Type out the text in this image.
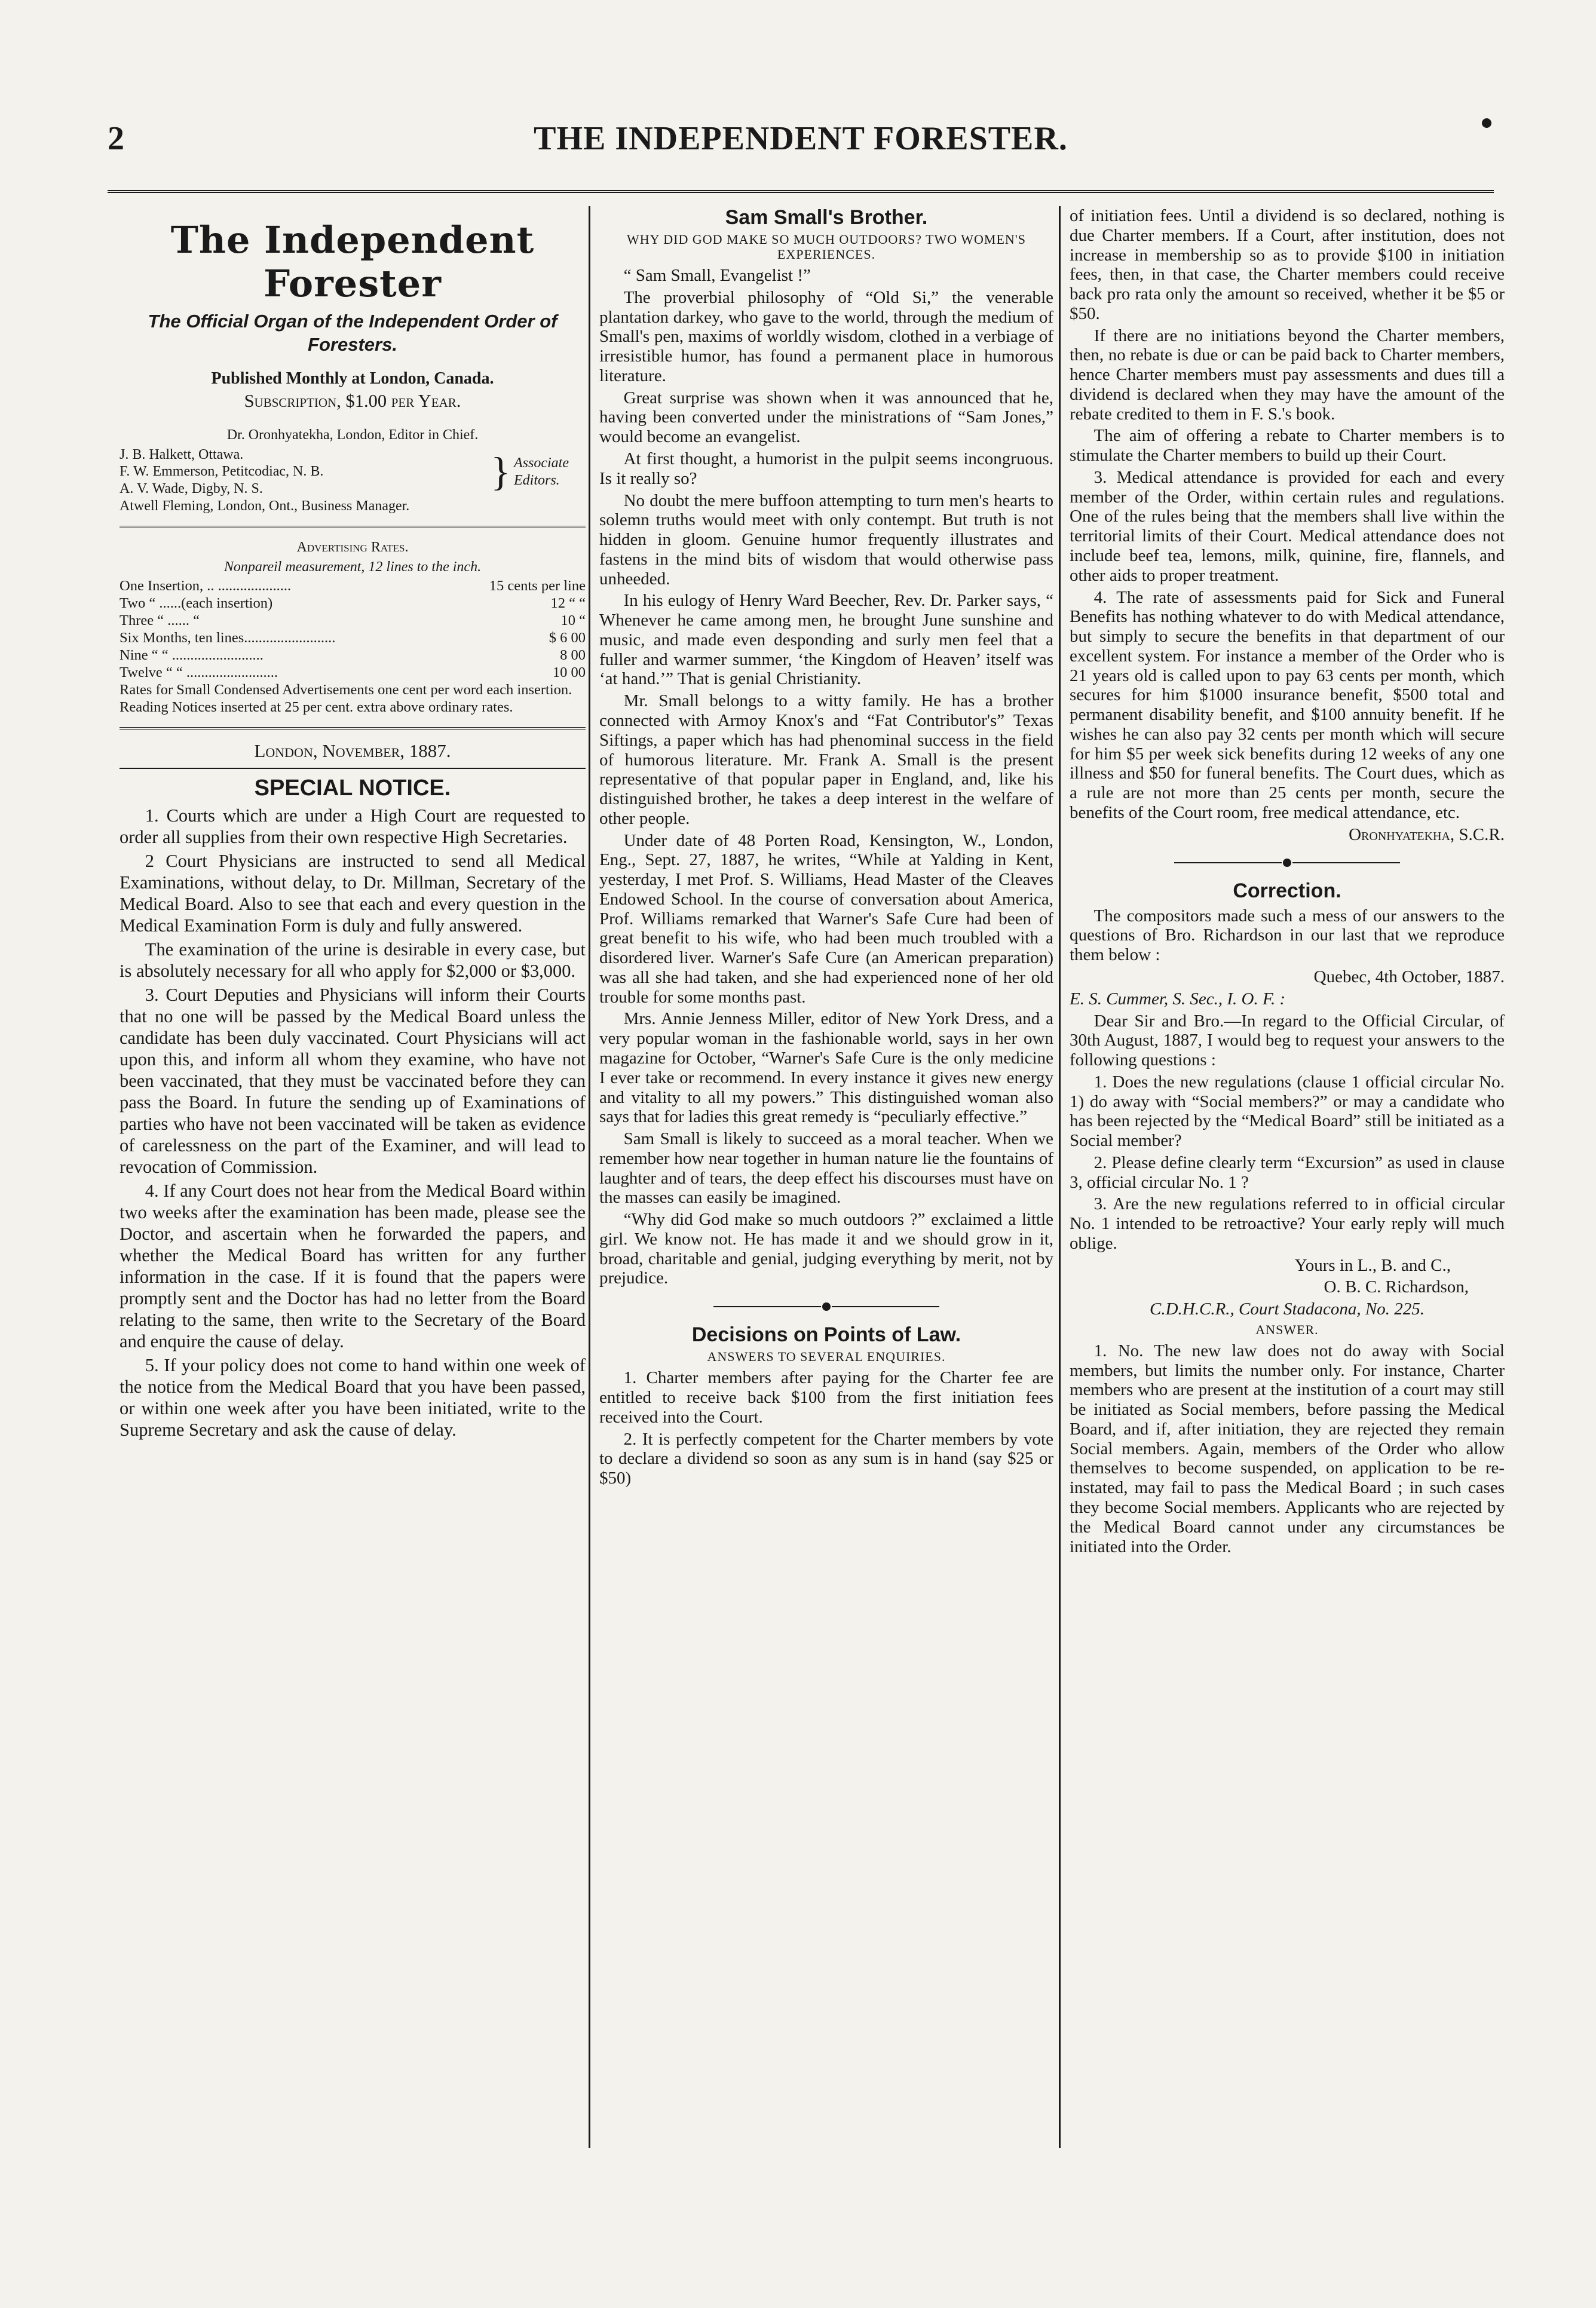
2	THE INDEPENDENT FORESTER.
The Independent Forester
The Official Organ of the Independent Order of Foresters.

Published Monthly at London, Canada.

Subscription, $1.00 per Year.

Dr. Oronhyatekha, London, Editor in Chief.

J. B. Halkett, Ottawa.
F. W. Emmerson, Petitcodiac, N. B.
A. V. Wade, Digby, N. S.	} Associate Editors.

Atwell Fleming, London, Ont., Business Manager.

Advertising Rates.

Nonpareil measurement, 12 lines to the inch.

One Insertion, .. ....................	15 cents per line
Two “ ......(each insertion)	12 “ “
Three “ ...... “	10 “
Six Months, ten lines.........................	$ 6 00
Nine “ “ .........................	8 00
Twelve “ “ .........................	10 00
Rates for Small Condensed Advertisements one cent per word each insertion.
Reading Notices inserted at 25 per cent. extra above ordinary rates.

London, November, 1887.

SPECIAL NOTICE.

1. Courts which are under a High Court are requested to order all supplies from their own respective High Secretaries.

2 Court Physicians are instructed to send all Medical Examinations, without delay, to Dr. Millman, Secretary of the Medical Board. Also to see that each and every question in the Medical Examination Form is duly and fully answered.

The examination of the urine is desirable in every case, but is absolutely necessary for all who apply for $2,000 or $3,000.

3. Court Deputies and Physicians will inform their Courts that no one will be passed by the Medical Board unless the candidate has been duly vaccinated. Court Physicians will act upon this, and inform all whom they examine, who have not been vaccinated, that they must be vaccinated before they can pass the Board. In future the sending up of Examinations of parties who have not been vaccinated will be taken as evidence of carelessness on the part of the Examiner, and will lead to revocation of Commission.

4. If any Court does not hear from the Medical Board within two weeks after the examination has been made, please see the Doctor, and ascertain when he forwarded the papers, and whether the Medical Board has written for any further information in the case. If it is found that the papers were promptly sent and the Doctor has had no letter from the Board relating to the same, then write to the Secretary of the Board and enquire the cause of delay.

5. If your policy does not come to hand within one week of the notice from the Medical Board that you have been passed, or within one week after you have been initiated, write to the Supreme Secretary and ask the cause of delay.

Sam Small's Brother.
WHY DID GOD MAKE SO MUCH OUTDOORS? TWO WOMEN'S EXPERIENCES.

“ Sam Small, Evangelist !”

The proverbial philosophy of “Old Si,” the venerable plantation darkey, who gave to the world, through the medium of Small's pen, maxims of worldly wisdom, clothed in a verbiage of irresistible humor, has found a permanent place in humorous literature.

Great surprise was shown when it was announced that he, having been converted under the ministrations of “Sam Jones,” would become an evangelist.

At first thought, a humorist in the pulpit seems incongruous. Is it really so?

No doubt the mere buffoon attempting to turn men's hearts to solemn truths would meet with only contempt. But truth is not hidden in gloom. Genuine humor frequently illustrates and fastens in the mind bits of wisdom that would otherwise pass unheeded.

In his eulogy of Henry Ward Beecher, Rev. Dr. Parker says, “ Whenever he came among men, he brought June sunshine and music, and made even desponding and surly men feel that a fuller and warmer summer, ‘the Kingdom of Heaven’ itself was ‘at hand.’” That is genial Christianity.

Mr. Small belongs to a witty family. He has a brother connected with Armoy Knox's and “Fat Contributor's” Texas Siftings, a paper which has had phenominal success in the field of humorous literature. Mr. Frank A. Small is the present representative of that popular paper in England, and, like his distinguished brother, he takes a deep interest in the welfare of other people.

Under date of 48 Porten Road, Kensington, W., London, Eng., Sept. 27, 1887, he writes, “While at Yalding in Kent, yesterday, I met Prof. S. Williams, Head Master of the Cleaves Endowed School. In the course of conversation about America, Prof. Williams remarked that Warner's Safe Cure had been of great benefit to his wife, who had been much troubled with a disordered liver. Warner's Safe Cure (an American preparation) was all she had taken, and she had experienced none of her old trouble for some months past.

Mrs. Annie Jenness Miller, editor of New York Dress, and a very popular woman in the fashionable world, says in her own magazine for October, “Warner's Safe Cure is the only medicine I ever take or recommend. In every instance it gives new energy and vitality to all my powers.” This distinguished woman also says that for ladies this great remedy is “peculiarly effective.”

Sam Small is likely to succeed as a moral teacher. When we remember how near together in human nature lie the fountains of laughter and of tears, the deep effect his discourses must have on the masses can easily be imagined.

“Why did God make so much outdoors ?” exclaimed a little girl. We know not. He has made it and we should grow in it, broad, charitable and genial, judging everything by merit, not by prejudice.

Decisions on Points of Law.
ANSWERS TO SEVERAL ENQUIRIES.

1. Charter members after paying for the Charter fee are entitled to receive back $100 from the first initiation fees received into the Court.

2. It is perfectly competent for the Charter members by vote to declare a dividend so soon as any sum is in hand (say $25 or $50)

of initiation fees. Until a dividend is so declared, nothing is due Charter members. If a Court, after institution, does not increase in membership so as to provide $100 in initiation fees, then, in that case, the Charter members could receive back pro rata only the amount so received, whether it be $5 or $50.

If there are no initiations beyond the Charter members, then, no rebate is due or can be paid back to Charter members, hence Charter members must pay assessments and dues till a dividend is declared when they may have the amount of the rebate credited to them in F. S.'s book.

The aim of offering a rebate to Charter members is to stimulate the Charter members to build up their Court.

3. Medical attendance is provided for each and every member of the Order, within certain rules and regulations. One of the rules being that the members shall live within the territorial limits of their Court. Medical attendance does not include beef tea, lemons, milk, quinine, fire, flannels, and other aids to proper treatment.

4. The rate of assessments paid for Sick and Funeral Benefits has nothing whatever to do with Medical attendance, but simply to secure the benefits in that department of our excellent system. For instance a member of the Order who is 21 years old is called upon to pay 63 cents per month, which secures for him $1000 insurance benefit, $500 total and permanent disability benefit, and $100 annuity benefit. If he wishes he can also pay 32 cents per month which will secure for him $5 per week sick benefits during 12 weeks of any one illness and $50 for funeral benefits. The Court dues, which as a rule are not more than 25 cents per month, secure the benefits of the Court room, free medical attendance, etc.

Oronhyatekha, S.C.R.

Correction.

The compositors made such a mess of our answers to the questions of Bro. Richardson in our last that we reproduce them below :

Quebec, 4th October, 1887.

E. S. Cummer, S. Sec., I. O. F. :

Dear Sir and Bro.—In regard to the Official Circular, of 30th August, 1887, I would beg to request your answers to the following questions :

1. Does the new regulations (clause 1 official circular No. 1) do away with “Social members?” or may a candidate who has been rejected by the “Medical Board” still be initiated as a Social member?

2. Please define clearly term “Excursion” as used in clause 3, official circular No. 1 ?

3. Are the new regulations referred to in official circular No. 1 intended to be retroactive? Your early reply will much oblige.

Yours in L., B. and C.,

O. B. C. Richardson,

C.D.H.C.R., Court Stadacona, No. 225.

ANSWER.

1. No. The new law does not do away with Social members, but limits the number only. For instance, Charter members who are present at the institution of a court may still be initiated as Social members, before passing the Medical Board, and if, after initiation, they are rejected they remain Social members. Again, members of the Order who allow themselves to become suspended, on application to be re-instated, may fail to pass the Medical Board ; in such cases they become Social members. Applicants who are rejected by the Medical Board cannot under any circumstances be initiated into the Order.
